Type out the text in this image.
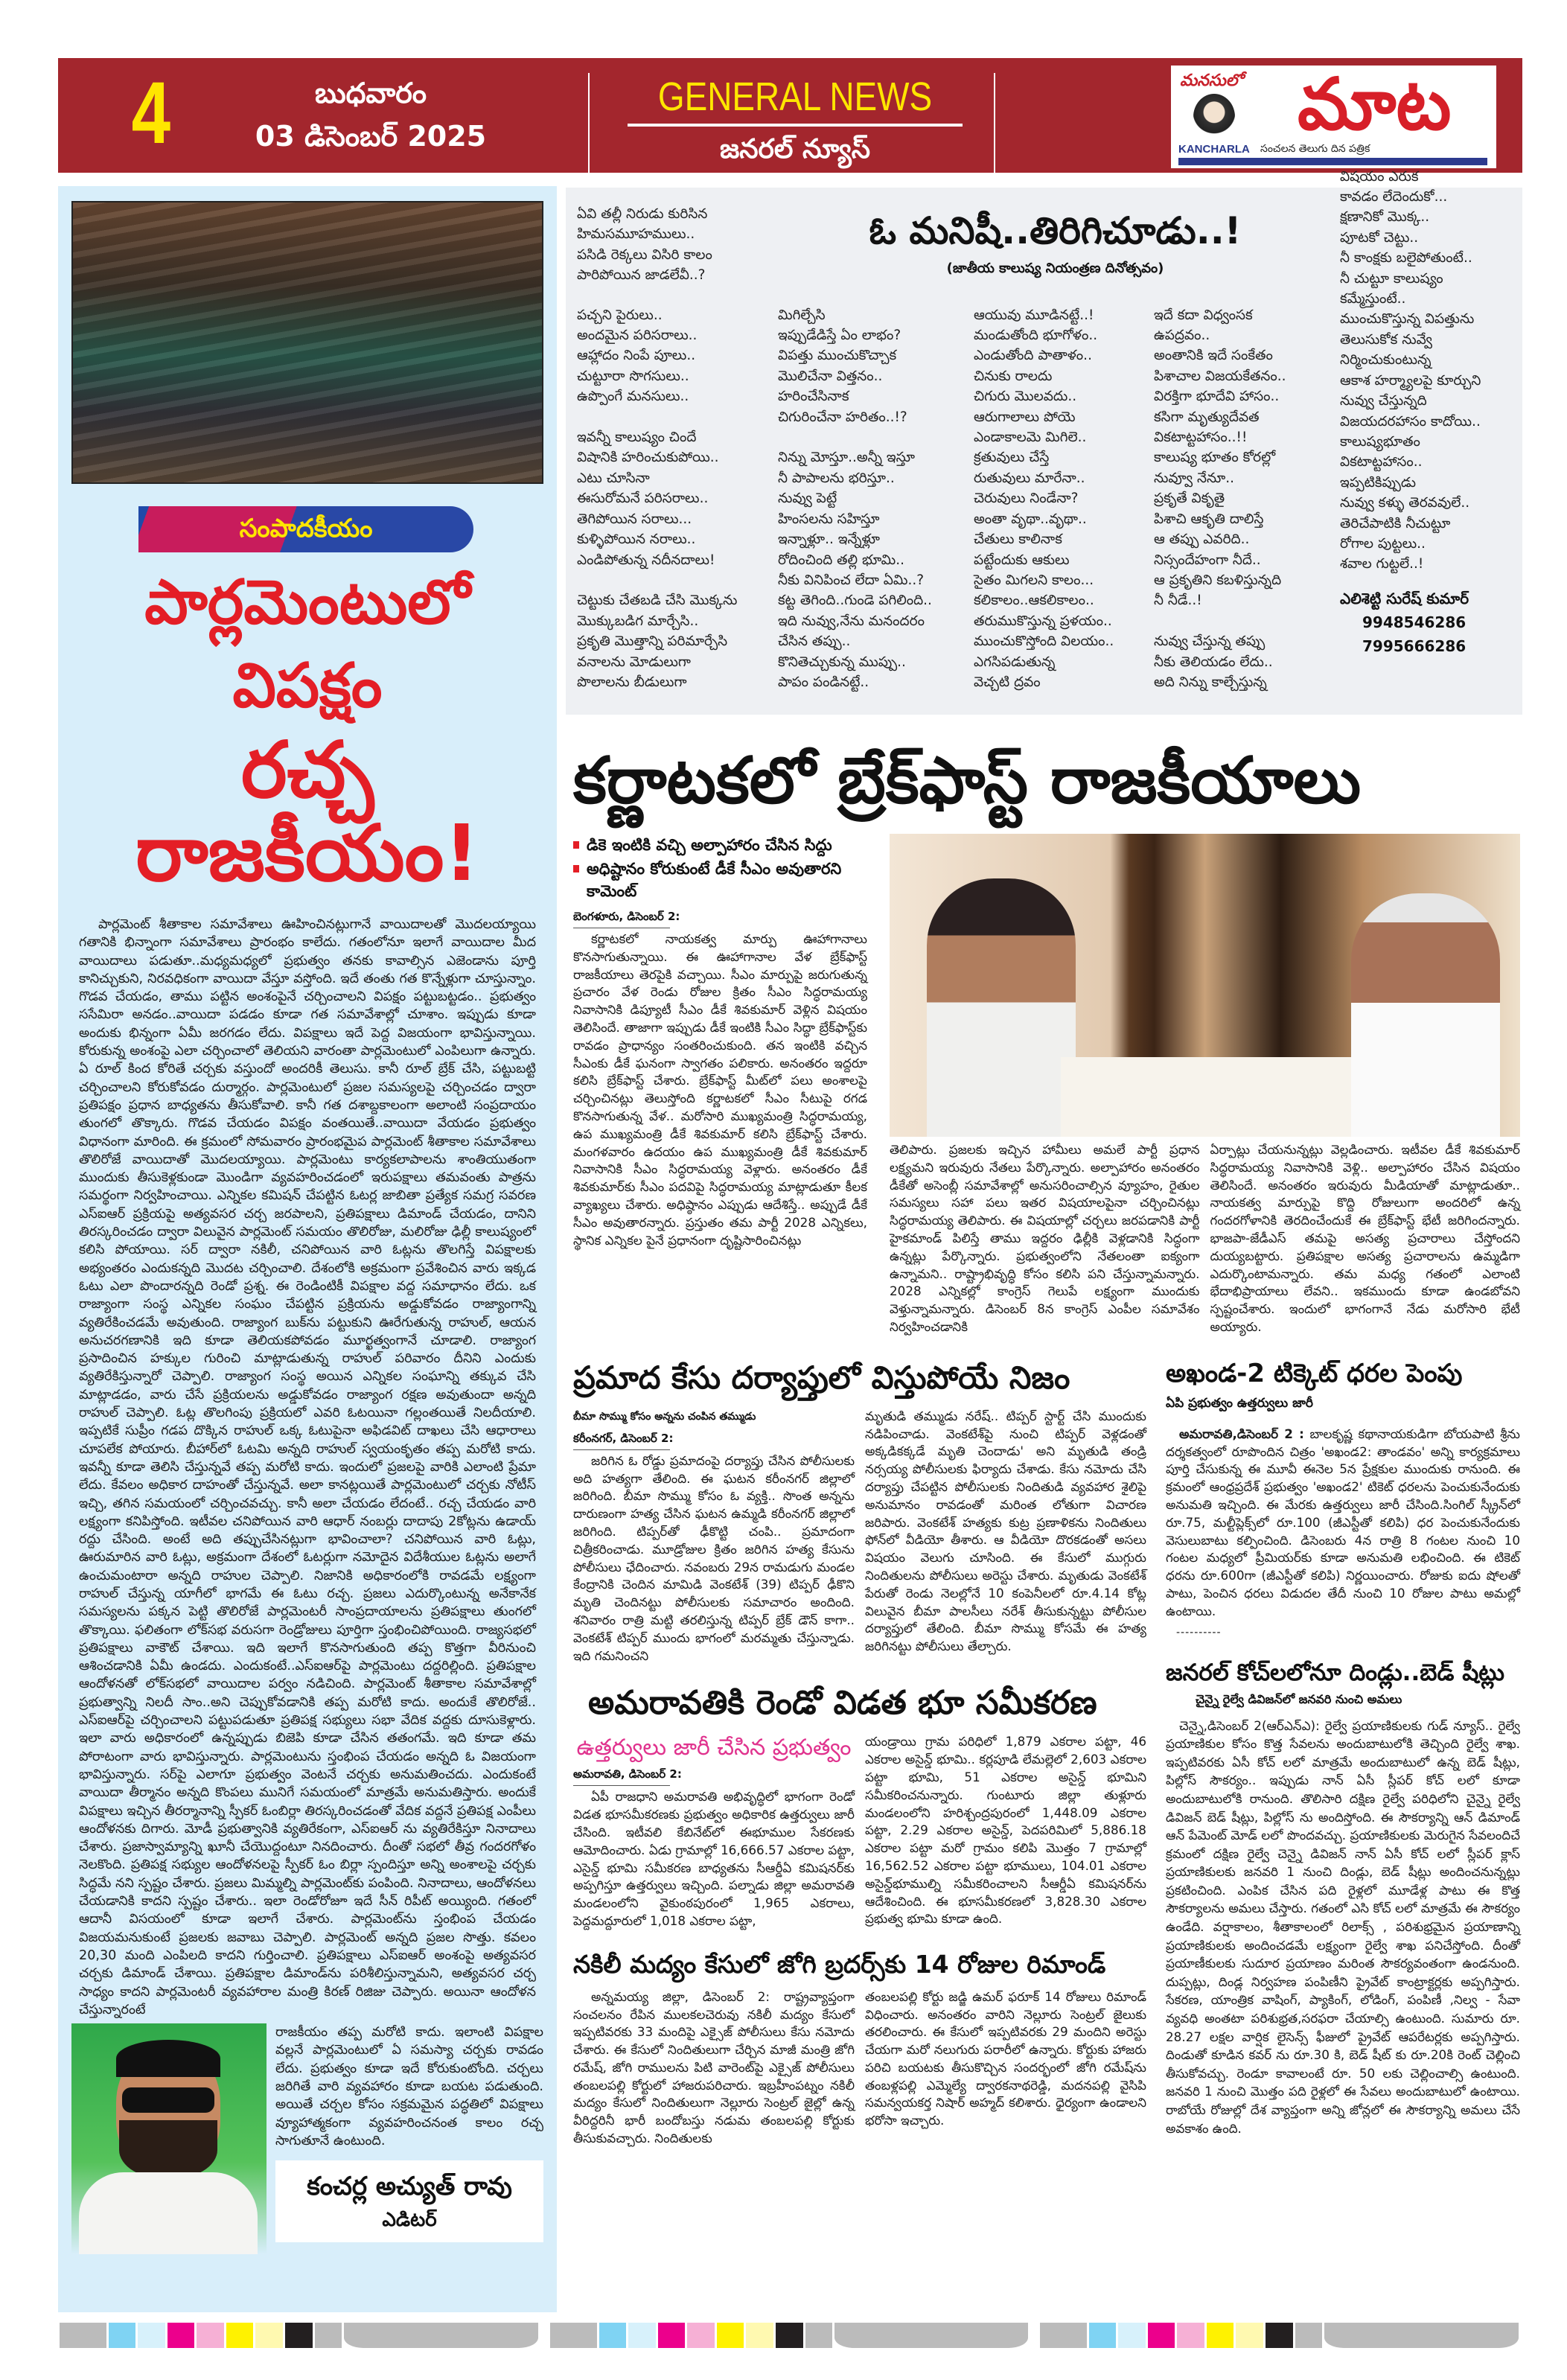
4	బుధవారం
03 డిసెంబర్ 2025
GENERAL NEWS
జనరల్ న్యూస్
మనసులో మాట
KANCHARLA సంచలన తెలుగు దిన పత్రిక
సంపాదకీయం
పార్లమెంటులో విపక్షం
రచ్చ రాజకీయం!

పార్లమెంట్ శీతాకాల సమావేశాలు ఊహించినట్లుగానే వాయిదాలతో మొదలయ్యాయి గతానికి భిన్నాంగా సమావేశాలు ప్రారంభం కాలేదు. గతంలోనూ ఇలాగే వాయిదాల మీద వాయిదాలు పడుతూ..మధ్యమధ్యలో ప్రభుత్వం తనకు కావాల్సిన ఎజెండాను పూర్తి కానిచ్చుకుని, నిరవధికంగా వాయిదా వేస్తూ వస్తోంది. ఇదే తంతు గత కొన్నేళ్లుగా చూస్తున్నాం. గొడవ చేయడం, తాము పట్టిన అంశంపైనే చర్చించాలని విపక్షం పట్టుబట్టడం.. ప్రభుత్వం ససేమిరా అనడం..వాయిదా పడడం కూడా గత సమావేశాల్లో చూశాం. ఇప్పుడు కూడా అందుకు భిన్నంగా ఏమీ జరగడం లేదు. విపక్షాలు ఇదే పెద్ద విజయంగా భావిస్తున్నాయి. కోరుకున్న అంశంపై ఎలా చర్చించాలో తెలియని వారంతా పార్లమెంటులో ఎంపిలుగా ఉన్నారు. ఏ రూల్ కింద కోరితే చర్చకు వస్తుందో అందరికీ తెలుసు. కానీ రూల్ బ్రేక్ చేసి, పట్టుబట్టి చర్చించాలని కోరుకోవడం దుర్మార్గం. పార్లమెంటులో ప్రజల సమస్యలపై చర్చించడం ద్వారా ప్రతిపక్షం ప్రధాన బాధ్యతను తీసుకోవాలి. కానీ గత దశాబ్దకాలంగా అలాంటి సంప్రదాయం తుంగలో తొక్కారు. గొడవ చేయడం విపక్షం వంతయితే..వాయిదా వేయడం ప్రభుత్వం విధానంగా మారింది. ఈ క్రమంలో సోమవారం ప్రారంభమైప పార్లమెంట్ శీతాకాల సమావేశాలు తొలిరోజే వాయిదాతో మొదలయ్యాయి. పార్లమెంటు కార్యకలాపాలను శాంతియుతంగా ముందుకు తీసుకెళ్లకుండా మొండిగా వ్యవహరించడంలో ఇరుపక్షాలు తమవంతు పాత్రను సమర్థంగా నిర్వహించాయి. ఎన్నికల కమిషన్ చేపట్టిన ఓటర్ల జాబితా ప్రత్యేక సమగ్ర సవరణ ఎస్ఐఆర్ ప్రక్రియపై అత్యవసర చర్చ జరపాలని, ప్రతిపక్షాలు డిమాండ్ చేయడం, దానిని తిరస్కరించడం ద్వారా విలువైన పార్లమెంట్ సమయం తొలిరోజు, మలిరోజు ఢిల్లీ కాలుష్యంలో కలిసి పోయాయి. సర్ ద్వారా నకిలీ, చనిపోయిన వారి ఓట్లను తొలగిస్తే విపక్షాలకు అభ్యంతరం ఎందుకన్నది మొదట చర్చించాలి. దేశంలోకి అక్రమంగా ప్రవేశించిన వారు ఇక్కడ ఓటు ఎలా పొందారన్నది రెండో ప్రశ్న. ఈ రెండింటికీ విపక్షాల వద్ద సమాధానం లేదు. ఒక రాజ్యాంగా సంస్థ ఎన్నికల సంఘం చేపట్టిన ప్రక్రియను అడ్డుకోవడం రాజ్యాంగాన్ని వ్యతిరేకించడమే అవుతుంది. రాజ్యాంగ బుక్‌ను పట్టుకుని ఊరేగుతున్న రాహుల్, ఆయన అనుచరగణానికి ఇది కూడా తెలియకపోవడం మూర్ఖత్వంగానే చూడాలి. రాజ్యాంగ ప్రసాదించిన హక్కుల గురించి మాట్లాడుతున్న రాహుల్ పరివారం దీనిని ఎందుకు వ్యతిరేకిస్తున్నారో చెప్పాలి. రాజ్యాంగ సంస్థ అయిన ఎన్నికల సంఘాన్ని తక్కువ చేసి మాట్లాడడం, వారు చేసే ప్రక్రియలను అడ్డుకోవడం రాజ్యాంగ రక్షణ అవుతుందా అన్నది రాహుల్ చెప్పాలి. ఓట్ల తొలగింపు ప్రక్రియలో ఎవరి ఓటయినా గల్లంతయితే నిలదీయాలి. ఇప్పటికే సుప్రీం గడప దొక్కిన రాహుల్ ఒక్క ఓటుపైనా అఫిడవిట్ దాఖలు చేసి ఆధారాలు చూపలేక పోయారు. బీహార్‌లో ఓటమి అన్నది రాహుల్ స్వయంకృతం తప్ప మరోటి కాదు. ఇవన్నీ కూడా తెలిసి చేస్తున్నవే తప్ప మరోటి కాదు. ఇందులో ప్రజలపై వారికి ఎలాంటి ప్రేమా లేదు. కేవలం అధికార దాహంతో చేస్తున్నవే. అలా కానట్లయితే పార్లమెంటులో చర్చకు నోటీస్ ఇచ్చి, తగిన సమయంలో చర్చించవచ్చు. కానీ అలా చేయడం లేదంటే.. రచ్చ చేయడం వారి లక్ష్యంగా కనిపిస్తోంది. ఇటీవల చనిపోయిన వారి ఆధార్ నంబర్లు దాదాపు 2కోట్లను ఉడాయ్ రద్దు చేసింది. అంటే అది తప్పుచేసినట్లుగా భావించాలా? చనిపోయిన వారి ఓట్లు, ఊరుమారిన వారి ఓట్లు, అక్రమంగా దేశంలో ఓటర్లుగా నమోదైన విదేశీయుల ఓట్లను అలాగే ఉంచుమంటారా అన్నది రాహుల చెప్పాలి. నిజానికి అధికారంలోకి రావడమే లక్ష్యంగా రాహుల్ చేస్తున్న యాగీలో భాగమే ఈ ఓటు రచ్చ. ప్రజలు ఎదుర్కొంటున్న అనేకానేక సమస్యలను పక్కన పెట్టి తొలిరోజే పార్లమెంటరీ సాంప్రదాయాలను ప్రతిపక్షాలు తుంగలో తొక్కాయి. ఫలితంగా లోక్‌సభ వరుసగా రెండ్రోజులు పూర్తిగా స్తంభించిపోయింది. రాజ్యసభలో ప్రతిపక్షాలు వాకౌట్ చేశాయి. ఇది ఇలాగే కొనసాగుతుంది తప్ప కొత్తగా వీరినుంచి ఆశించడానికి ఏమీ ఉండదు. ఎందుకంటే..ఎస్ఐఆర్‌పై పార్లమెంటు దద్దరిల్లింది. ప్రతిపక్షాల ఆందోళనతో లోక్‌సభలో వాయిదాల పర్వం నడిచింది. పార్లమెంట్ శీతాకాల సమావేశాల్లో ప్రభుత్వాన్ని నిలదీ సాం..అని చెప్పుకోవడానికి తప్ప మరోటి కాదు. అందుకే తొలిరోజే.. ఎస్ఐఆర్‌పై చర్చించాలని పట్టుపడుతూ ప్రతిపక్ష సభ్యులు సభా వేదిక వద్దకు దూసుకెళ్లారు. ఇలా వారు అధికారంలో ఉన్నప్పుడు బిజెపి కూడా చేసిన తతంగమే. ఇది కూడా తమ పోరాటంగా వారు భావిస్తున్నారు. పార్లమెంటును స్తంభింప చేయడం అన్నది ఓ విజయంగా భావిస్తున్నారు. సర్‌పై ఎలాగూ ప్రభుత్వం వెంటనే చర్చకు అనుమతించదు. ఎందుకంటే వాయిదా తీర్మానం అన్నది కొంపలు మునిగే సమయంలో మాత్రమే అనుమతిస్తారు. అందుకే విపక్షాలు ఇచ్చిన తీరర్మానాన్ని స్పీకర్ ఓంబిర్లా తిరస్కరించడంతో వేదిక వద్దనే ప్రతిపక్ష ఎంపీలు ఆందోళనకు దిగారు. మోడీ ప్రభుత్వానికి వ్యతిరేకంగా, ఎస్ఐఆర్ ను వ్యతిరేకిస్తూ నినాదాలు చేశారు. ప్రజాస్వామ్యాన్ని ఖూనీ చేయొద్దంటూ నినదించారు. దీంతో సభలో తీవ్ర గందరగోళం నెలకొంది. ప్రతిపక్ష సభ్యుల ఆందోళనలపై స్పీకర్ ఓం బిర్లా స్పందిస్తూ అన్ని అంశాలపై చర్చకు సిద్ధమే నని స్పష్టం చేశారు. ప్రజలు మిమ్మల్ని పార్లమెంట్‌కు పంపింది. నినాదాలు, ఆందోళనలు చేయడానికి కాదని స్పష్టం చేశారు.. ఇలా రెండోరోజూ ఇదే సీన్ రిపీట్ అయ్యింది. గతంలో ఆదానీ విసయంలో కూడా ఇలాగే చేశారు. పార్లమెంట్‌ను స్తంభింప చేయడం విజయమనుకుంటే ప్రజలకు జవాబు చెప్పాలి. పార్లమెంట్ అన్నది ప్రజల సొత్తు. కవలం 20,30 మంది ఎంపిలది కాదని గుర్తించాలి. ప్రతిపక్షాలు ఎస్ఐఆర్ అంశంపై అత్యవసర చర్చకు డిమాండ్ చేశాయి. ప్రతిపక్షాల డిమాండ్‌ను పరిశీలిస్తున్నామని, అత్యవసర చర్చ సాధ్యం కాదని పార్లమెంటరీ వ్యవహారాల మంత్రి కిరణ్ రిజిజు చెప్పారు. అయినా ఆందోళన చేస్తున్నారంటే

రాజకీయం తప్ప మరోటి కాదు. ఇలాంటి విపక్షాల వల్లనే పార్లమెంటులో ఏ సమస్యా చర్చకు రావడం లేదు. ప్రభుత్వం కూడా ఇదే కోరుకుంటోంది. చర్చలు జరిగితే వారి వ్యవహారం కూడా బయట పడుతుంది. అయితే చర్చల కోసం సక్రమమైన పద్ధతిలో విపక్షాలు వ్యూహాత్మకంగా వ్యవహరించనంత కాలం రచ్చ సాగుతూనే ఉంటుంది.

కంచర్ల అచ్యుత్ రావు
ఎడిటర్
ఏవి తల్లీ నిరుడు కురిసిన
హిమసమూహములు..
పసిడి రెక్కలు విసిరి కాలం
పారిపోయిన జాడలేవీ..?
ఓ మనిషీ..తిరిగిచూడు..!
(జాతీయ కాలుష్య నియంత్రణ దినోత్సవం)
పచ్చని పైరులు..
అందమైన పరిసరాలు..
ఆహ్లాదం నింపే పూలు..
చుట్టూరా సొగసులు..
ఉప్పొంగే మనసులు..

ఇవన్నీ కాలుష్యం చిందే
విషానికి హరించుకుపోయి..
ఎటు చూసినా
ఈసురోమనే పరిసరాలు..
తెగిపోయిన సరాలు...
కుళ్ళిపోయిన నరాలు..
ఎండిపోతున్న నదీనదాలు!

చెట్టుకు చేతబడి చేసి మొక్కను
మొక్కుబడిగ మార్చేసి..
ప్రకృతి మొత్తాన్ని పరిమార్చేసి
వనాలను మోడులుగా
పొలాలను బీడులుగా
మిగిల్చేసి
ఇప్పుడేడిస్తే ఏం లాభం?
విపత్తు ముంచుకొచ్చాక
మొలిచేనా విత్తనం..
హరించేసినాక
చిగురించేనా హరితం..!?

నిన్ను మోస్తూ..అన్నీ ఇస్తూ
నీ పాపాలను భరిస్తూ..
నువ్వు పెట్టే
హింసలను సహిస్తూ
ఇన్నాళ్లూ.. ఇన్నేళ్లూ
రోదించింది తల్లి భూమి..
నీకు వినిపించ లేదా ఏమి..?
కట్ట తెగింది..గుండె పగిలింది..
ఇది నువ్వు,నేను మనందరం
చేసిన తప్పు..
కొనితెచ్చుకున్న ముప్పు..
పాపం పండినట్టే..
ఆయువు మూడినట్టే..!
మండుతోంది భూగోళం..
ఎండుతోంది పాతాళం..
చినుకు రాలదు
చిగురు మొలవదు..
ఆరుగాలాలు పోయె
ఎండాకాలమె మిగిలె..
క్రతువులు చేస్తే
రుతువులు మారేనా..
చెరువులు నిండేనా?
అంతా వృథా..వృథా..
చేతులు కాలినాక
పట్టేందుకు ఆకులు
సైతం మిగలని కాలం...
కలికాలం..ఆకలికాలం..
తరుముకొస్తున్న ప్రళయం..
ముంచుకొస్తోంది విలయం..
ఎగసిపడుతున్న
వెచ్చటి ద్రవం
ఇదే కదా విధ్వంసక
ఉపద్రవం..
అంతానికి ఇదే సంకేతం
పిశాచాల విజయకేతనం..
విరక్తిగా భూదేవి హాసం..
కసిగా మృత్యుదేవత
వికటాట్టహాసం..!!
కాలుష్య భూతం కోరల్లో
నువ్వూ నేనూ..
ప్రకృతే వికృతై
పిశాచి ఆకృతి దాలిస్తే
ఆ తప్పు ఎవరిది..
నిస్సందేహంగా నీదే..
ఆ ప్రకృతిని కబళిస్తున్నది
నీ నీడే..!

నువ్వు చేస్తున్న తప్పు
నీకు తెలియడం లేదు..
అది నిన్ను కాల్చేస్తున్న
విషయం ఎరుక
కావడం లేదెందుకో...
క్షణానికో మొక్క..
పూటకో చెట్టు..
నీ కాంక్షకు బలైపోతుంటే..
నీ చుట్టూ కాలుష్యం
కమ్మేస్తుంటే..
ముంచుకొస్తున్న విపత్తును
తెలుసుకోక నువ్వే
నిర్మించుకుంటున్న
ఆకాశ హర్మ్యాలపై కూర్చుని
నువ్వు చేస్తున్నది
విజయదరహాసం కాదోయి..
కాలుష్యభూతం
వికటాట్టహాసం..
ఇప్పటికిప్పుడు
నువ్వు కళ్ళు తెరవవులే..
తెరిచేపాటికి నీచుట్టూ
రోగాల పుట్టలు..
శవాల గుట్టలే..!
ఎలిశెట్టి సురేష్ కుమార్
9948546286
7995666286
కర్ణాటకలో బ్రేక్‌ఫాస్ట్ రాజకీయాలు
డికె ఇంటికి వచ్చి అల్పాహారం చేసిన సిద్దు
అధిష్టానం కోరుకుంటే డీకే సీఎం అవుతారని కామెంట్
బెంగళూరు, డిసెంబర్ 2:

కర్ణాటకలో నాయకత్వ మార్పు ఊహాగానాలు కొనసాగుతున్నాయి. ఈ ఊహాగానాల వేళ బ్రేక్‌ఫాస్ట్ రాజకీయాలు తెరపైకి వచ్చాయి. సీఎం మార్పుపై జరుగుతున్న ప్రచారం వేళ రెండు రోజుల క్రితం సీఎం సిద్ధరామయ్య నివాసానికి డిప్యూటీ సీఎం డీకే శివకుమార్ వెళ్లిన విషయం తెలిసిందే. తాజాగా ఇప్పుడు డీకే ఇంటికి సీఎం సిద్ధా బ్రేక్‌ఫాస్ట్‌కు రావడం ప్రాధాన్యం సంతరించుకుంది. తన ఇంటికి వచ్చిన సీఎంకు డీకే ఘనంగా స్వాగతం పలికారు. అనంతరం ఇద్దరూ కలిసి బ్రేక్‌ఫాస్ట్ చేశారు. బ్రేక్‌ఫాస్ట్ మీట్‌లో పలు అంశాలపై చర్చించినట్లు తెలుస్తోంది కర్ణాటకలో సీఎం సీటుపై రగడ కొనసాగుతున్న వేళ.. మరోసారి ముఖ్యమంత్రి సిద్ధరామయ్య, ఉప ముఖ్యమంత్రి డీకే శివకుమార్ కలిసి బ్రేక్‌ఫాస్ట్ చేశారు. మంగళవారం ఉదయం ఉప ముఖ్యమంత్రి డీకే శివకుమార్ నివాసానికి సీఎం సిద్ధరామయ్య వెళ్లారు. అనంతరం డీకే శివకుమార్‌కు సీఎం పదవిపై సిద్ధరామయ్య మాట్లాడుతూ కీలక వ్యాఖ్యలు చేశారు. అధిష్ఠానం ఎప్పుడు ఆదేశిస్తే.. అప్పుడే డీకే సీఎం అవుతారన్నారు. ప్రస్తుతం తమ పార్టీ 2028 ఎన్నికలు, స్థానిక ఎన్నికల పైనే ప్రధానంగా దృష్టిసారించినట్లు

తెలిపారు. ప్రజలకు ఇచ్చిన హామీలు అమలే పార్టీ ప్రధాన లక్ష్యమని ఇరువురు నేతలు పేర్కొన్నారు. అల్పాహారం అనంతరం డీకేతో అసెంబ్లీ సమావేశాల్లో అనుసరించాల్సిన వ్యూహం, రైతుల సమస్యలు సహా పలు ఇతర విషయాలపైనా చర్చించినట్లు సిద్ధరామయ్య తెలిపారు. ఈ విషయాల్లో చర్చలు జరపడానికి పార్టీ హైకమాండ్ పిలిస్తే తాము ఇద్దరం ఢిల్లీకి వెళ్లడానికి సిద్ధంగా ఉన్నట్లు పేర్కొన్నారు. ప్రభుత్వంలోని నేతలంతా ఐక్యంగా ఉన్నామని.. రాష్ట్రాభివృద్ధి కోసం కలిసి పని చేస్తున్నామన్నారు. 2028 ఎన్నికల్లో కాంగ్రెస్ గెలుపే లక్ష్యంగా ముందుకు వెళ్తున్నామన్నారు. డిసెంబర్ 8న కాంగ్రెస్ ఎంపీల సమావేశం నిర్వహించడానికి

ఏర్పాట్లు చేయనున్నట్లు వెల్లడించారు. ఇటీవల డీకే శివకుమార్ సిద్ధరామయ్య నివాసానికి వెళ్లి.. అల్పాహారం చేసిన విషయం తెలిసిందే. అనంతరం ఇరువురు మీడియాతో మాట్లాడుతూ.. నాయకత్వ మార్పుపై కొద్ది రోజులుగా అందరిలో ఉన్న గందరగోళానికి తెరదించేందుకే ఈ బ్రేక్‌ఫాస్ట్ భేటీ జరిగిందన్నారు. భాజపా-జేడీఎస్ తమపై అసత్య ప్రచారాలు చేస్తోందని దుయ్యబట్టారు. ప్రతిపక్షాల అసత్య ప్రచారాలను ఉమ్మడిగా ఎదుర్కొంటామన్నారు. తమ మధ్య గతంలో ఎలాంటి భేదాభిప్రాయాలు లేవని.. ఇకముందు కూడా ఉండబోవని స్పష్టంచేశారు. ఇందులో భాగంగానే నేడు మరోసారి భేటీ అయ్యారు.

ప్రమాద కేసు దర్యాప్తులో విస్తుపోయే నిజం
బీమా సొమ్ము కోసం అన్నను చంపిన తమ్ముడు
కరీంనగర్, డిసెంబర్ 2:

జరిగిన ఓ రోడ్డు ప్రమాదంపై దర్యాప్తు చేసిన పోలీసులకు అది హత్యగా తేలింది. ఈ ఘటన కరీంనగర్ జిల్లాలో జరిగింది. బీమా సొమ్ము కోసం ఓ వ్యక్తి.. సొంత అన్నను దారుణంగా హత్య చేసిన ఘటన ఉమ్మడి కరీంనగర్ జిల్లాలో జరిగింది. టిప్పర్‌తో ఢీకొట్టి చంపి.. ప్రమాదంగా చిత్రీకరించాడు. మూడ్రోజుల క్రితం జరిగిన హత్య కేసును పోలీసులు ఛేదించారు. నవంబరు 29న రామడుగు మండల కేంద్రానికి చెందిన మామిడి వెంకటేశ్ (39) టిప్పర్ ఢీకొని మృతి చెందినట్టు పోలీసులకు సమాచారం అందింది. శనివారం రాత్రి మట్టి తరలిస్తున్న టిప్పర్ బ్రేక్ డౌన్ కాగా.. వెంకటేశ్ టిప్పర్ ముందు భాగంలో మరమ్మతు చేస్తున్నాడు. ఇది గమనించని

మృతుడి తమ్ముడు నరేష్.. టిప్పర్ స్టార్ట్ చేసి ముందుకు నడిపించాడు. వెంకటేశ్‌పై నుంచి టిప్పర్ వెళ్లడంతో అక్కడికక్కడే మృతి చెందాడు' అని మృతుడి తండ్రి నర్సయ్య పోలీసులకు ఫిర్యాదు చేశాడు. కేసు నమోదు చేసి దర్యాప్తు చేపట్టిన పోలీసులకు నిందితుడి వ్యవహార శైలిపై అనుమానం రావడంతో మరింత లోతుగా విచారణ జరిపారు. వెంకటేశ్ హత్యకు కుట్ర ప్రణాళికను నిందితులు ఫోన్‌లో వీడియో తీశారు. ఆ వీడియో దొరకడంతో అసలు విషయం వెలుగు చూసింది. ఈ కేసులో ముగ్గురు నిందితులను పోలీసులు అరెస్టు చేశారు. మృతుడు వెంకటేశ్ పేరుతో రెండు నెలల్లోనే 10 కంపెనీలలో రూ.4.14 కోట్ల విలువైన బీమా పాలసీలు నరేశ్ తీసుకున్నట్టు పోలీసుల దర్యాప్తులో తేలింది. బీమా సొమ్ము కోసమే ఈ హత్య జరిగినట్టు పోలీసులు తేల్చారు.

అమరావతికి రెండో విడత భూ సమీకరణ
ఉత్తర్వులు జారీ చేసిన ప్రభుత్వం
అమరావతి, డిసెంబర్ 2:

ఏపీ రాజధాని అమరావతి అభివృద్ధిలో భాగంగా రెండో విడత భూసమీకరణకు ప్రభుత్వం అధికారిక ఉత్తర్వులు జారీ చేసింది. ఇటీవలి కేబినేట్‌లో ఈభూముల సేకరణకు ఆమోదించారు. ఏడు గ్రామాల్లో 16,666.57 ఎకరాల పట్టా, ఎసైన్డ్ భూమి సమీకరణ బాధ్యతను సీఆర్డీఏ కమిషనర్‌కు అప్పగిస్తూ ఉత్తర్వులు ఇచ్చింది. పల్నాడు జిల్లా అమరావతి మండలంలోని వైకుంఠపురంలో 1,965 ఎకరాలు, పెద్దమద్దూరులో 1,018 ఎకరాల పట్టా,

యండ్రాయి గ్రామ పరిధిలో 1,879 ఎకరాల పట్టా, 46 ఎకరాల అసైన్డ్ భూమి.. కర్లపూడి లేమల్లెలో 2,603 ఎకరాల పట్టా భూమి, 51 ఎకరాల అసైన్డ్ భూమిని సమీకరించనున్నారు. గుంటూరు జిల్లా తుళ్లూరు మండలంలోని హరిశ్చంద్రపురంలో 1,448.09 ఎకరాల పట్టా, 2.29 ఎకరాల అసైన్డ్, పెదపరిమిలో 5,886.18 ఎకరాల పట్టా మరో గ్రామం కలిపి మొత్తం 7 గ్రామాల్లో 16,562.52 ఎకరాల పట్టా భూములు, 104.01 ఎకరాల అసైన్డ్‌భూముల్ని సమీకరించాలని సీఆర్డీఏ కమిషనర్‌ను ఆదేశించింది. ఈ భూసమీకరణలో 3,828.30 ఎకరాల ప్రభుత్వ భూమి కూడా ఉంది.

నకిలీ మద్యం కేసులో జోగి బ్రదర్స్‌కు 14 రోజుల రిమాండ్

అన్నమయ్య జిల్లా, డిసెంబర్ 2: రాష్ట్రవ్యాప్తంగా సంచలనం రేపిన ములకలచెరువు నకిలీ మద్యం కేసులో ఇప్పటివరకు 33 మందిపై ఎక్సైజ్ పోలీసులు కేసు నమోదు చేశారు. ఈ కేసులో నిందితులుగా చేర్చిన మాజీ మంత్రి జోగి రమేష్, జోగి రాములను పిటి వారెంట్‌పై ఎక్సైజ్ పోలీసులు తంబలపల్లి కోర్టులో హాజరుపరిచారు. ఇబ్రహీంపట్నం నకిలీ మద్యం కేసులో నిందితులుగా నెల్లూరు సెంట్రల్ జైల్లో ఉన్న వీరిద్దరినీ భారీ బందోబస్తు నడుమ తంబలపల్లి కోర్టుకు తీసుకువచ్చారు. నిందితులకు

తంబలపల్లి కోర్టు జడ్జి ఉమర్ ఫరూక్ 14 రోజులు రిమాండ్ విధించారు. అనంతరం వారిని నెల్లూరు సెంట్రల్ జైలుకు తరలించారు. ఈ కేసులో ఇప్పటివరకు 29 మందిని అరెస్టు చేయగా మరో నలుగురు పరారీలో ఉన్నారు. కోర్టుకు హాజరు పరిచి బయటకు తీసుకొచ్చిన సందర్భంలో జోగి రమేష్‌ను తంబళ్లపల్లి ఎమ్మెల్యే ద్వారకనాథరెడ్డి, మదనపల్లి వైసిపి సమన్వయకర్త నిషార్ అహ్మద్ కలిశారు. ధైర్యంగా ఉండాలని భరోసా ఇచ్చారు.

అఖండ-2 టిక్కెట్ ధరల పెంపు
ఏపి ప్రభుత్వం ఉత్తర్వులు జారీ

అమరావతి,డిసెంబర్ 2 : బాలకృష్ణ కథానాయకుడిగా బోయపాటి శ్రీను దర్శకత్వంలో రూపొందిన చిత్రం 'అఖండ2: తాండవం' అన్ని కార్యక్రమాలు పూర్తి చేసుకున్న ఈ మూవీ ఈనెల 5న ప్రేక్షకుల ముందుకు రానుంది. ఈ క్రమంలో ఆంధ్రప్రదేశ్ ప్రభుత్వం 'అఖండ2' టికెట్ ధరలను పెంచుకునేందుకు అనుమతి ఇచ్చింది. ఈ మేరకు ఉత్తర్వులు జారీ చేసింది.సింగిల్ స్క్రీన్‌లో రూ.75, మల్టీప్లెక్స్‌లో రూ.100 (జీఎస్టీతో కలిపి) ధర పెంచుకునేందుకు వెసులుబాటు కల్పించింది. డిసెంబరు 4న రాత్రి 8 గంటల నుంచి 10 గంటల మధ్యలో ప్రీమియర్‌కు కూడా అనుమతి లభించింది. ఈ టికెట్ ధరను రూ.600గా (జీఎస్టీతో కలిపి) నిర్ణయించారు. రోజుకు ఐదు షోలతో పాటు, పెంచిన ధరలు విడుదల తేదీ నుంచి 10 రోజుల పాటు అమల్లో ఉంటాయి.

----------
జనరల్ కోచ్‌లలోనూ దిండ్లు..బెడ్ షీట్లు
చైన్నై రైల్వే డివిజన్‌లో జనవరి నుంచి అమలు

చెన్నై,డిసెంబర్ 2(ఆర్ఎన్ఎ): రైల్వే ప్రయాణికులకు గుడ్ న్యూస్.. రైల్వే ప్రయాణికుల కోసం కొత్త సేవలను అందుబాటులోకి తెచ్చింది రైల్వే శాఖ. ఇప్పటివరకు ఏసీ కోచ్ లలో మాత్రమే అందుబాటులో ఉన్న బెడ్ షీట్లు, పిల్లోస్ సౌకర్యం.. ఇప్పుడు నాన్ ఏసీ స్లీపర్ కోచ్ లలో కూడా అందుబాటులోకి రానుంది. తొలిసారి దక్షిణ రైల్వే పరిధిలోని చైన్నై రైల్వే డివిజన్ బెడ్ షీట్లు, పిల్లోస్ ను అందిస్తోంది. ఈ సౌకర్యాన్ని ఆన్ డిమాండ్ ఆన్ పేమెంట్ మోడ్ లలో పొందవచ్చు. ప్రయాణికులకు మెరుగైన సేవలందిచే క్రమంలో దక్షిణ రైల్వే చెన్నై డివిజన్ నాన్ ఏసీ కోచ్ లలో స్లీపర్ క్లాస్ ప్రయాణికులకు జనవరి 1 నుంచి దిండ్లు, బెడ్ షీట్లు అందించనున్నట్లు ప్రకటించింది. ఎంపిక చేసిన పది రైళ్లలో మూడేళ్ల పాటు ఈ కొత్త సౌకర్యాలను అమలు చేస్తారు. గతంలో ఎసి కోచ్ లలో మాత్రమే ఈ సౌకర్యం ఉండేది. వర్షాకాలం, శీతాకాలంలో రిలాక్స్ , పరిశుభ్రమైన ప్రయాణాన్ని ప్రయాణికులకు అందించడమే లక్ష్యంగా రైల్వే శాఖ పనిచేస్తోంది. దీంతో ప్రయాణీకులకు సుదూర ప్రయాణం మరింత సౌకర్యవంతంగా ఉండనుంది. దుప్పట్లు, దిండ్ల నిర్వహణ పంపిణీని ప్రైవేట్ కాంట్రాక్టర్లకు అప్పగిస్తారు. సేకరణ, యాంత్రిక వాషింగ్, ప్యాకింగ్, లోడింగ్, పంపిణీ ,నిల్వ - సేవా వ్యవధి అంతటా పరిశుభ్రత,సరఫరా చేయాల్సి ఉంటుంది. సుమారు రూ. 28.27 లక్షల వార్షిక లైసెన్స్ ఫీజులో ప్రైవేట్ ఆపరేటర్లకు అప్పగిస్తారు. దిండుతో కూడిన కవర్ ను రూ.30 కి, బెడ్ షీట్ కు రూ.20కి రెంట్ చెల్లించి తీసుకోవచ్చు. రెండూ కావాలంటే రూ. 50 లకు చెల్లించాల్సి ఉంటుంది. జనవరి 1 నుంచి మొత్తం పది రైళ్లలో ఈ సేవలు అందుబాటులో ఉంటాయి. రాబోయే రోజుల్లో దేశ వ్యాప్తంగా అన్ని జోన్లలో ఈ సౌకర్యాన్ని అమలు చేసే అవకాశం ఉంది.
